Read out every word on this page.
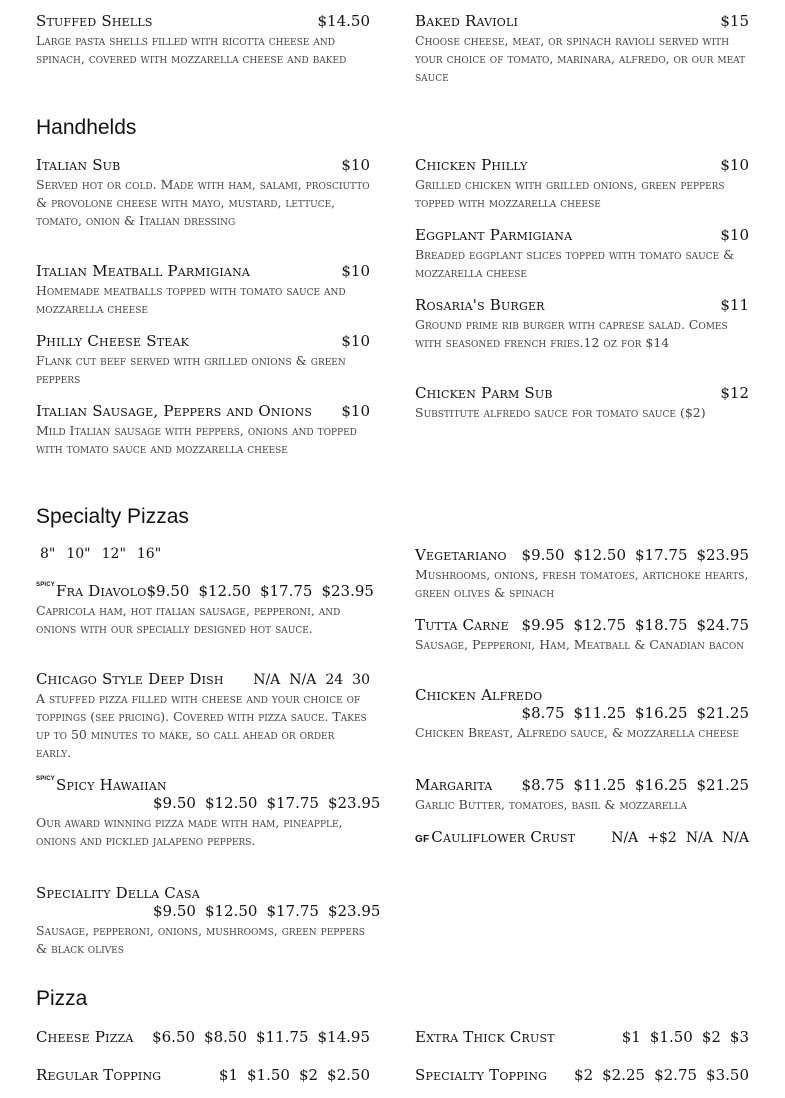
Stuffed Shells	$14.50
Large pasta shells filled with ricotta cheese and spinach, covered with mozzarella cheese and baked
Baked Ravioli	$15
Choose cheese, meat, or spinach ravioli served with your choice of tomato, marinara, alfredo, or our meat sauce
Handhelds
Italian Sub	$10
Served hot or cold. Made with ham, salami, prosciutto & provolone cheese with mayo, mustard, lettuce, tomato, onion & Italian dressing
Italian Meatball Parmigiana	$10
Homemade meatballs topped with tomato sauce and mozzarella cheese
Philly Cheese Steak	$10
Flank cut beef served with grilled onions & green peppers
Italian Sausage, Peppers and Onions $10
Mild Italian sausage with peppers, onions and topped with tomato sauce and mozzarella cheese
Chicken Philly	$10
Grilled chicken with grilled onions, green peppers topped with mozzarella cheese
Eggplant Parmigiana	$10
Breaded eggplant slices topped with tomato sauce & mozzarella cheese
Rosaria's Burger	$11
Ground prime rib burger with caprese salad. Comes with seasoned french fries.12 oz for $14
Chicken Parm Sub	$12
Substitute alfredo sauce for tomato sauce ($2)
Specialty Pizzas
8" 10" 12" 16"
$^{SPICY}$Fra Diavolo $9.50 $12.50 $17.75 $23.95
Capricola ham, hot italian sausage, pepperoni, and onions with our specially designed hot sauce.
Chicago Style Deep Dish N/A N/A 24 30
A stuffed pizza filled with cheese and your choice of toppings (see pricing). Covered with pizza sauce. Takes up to 50 minutes to make, so call ahead or order early.
$^{SPICY}$Spicy Hawaiian
$9.50 $12.50 $17.75 $23.95
Our award winning pizza made with ham, pineapple, onions and pickled jalapeno peppers.
Speciality Della Casa
$9.50 $12.50 $17.75 $23.95
Sausage, pepperoni, onions, mushrooms, green peppers & black olives
Vegetariano $9.50 $12.50 $17.75 $23.95
Mushrooms, onions, fresh tomatoes, artichoke hearts, green olives & spinach
Tutta Carne $9.95 $12.75 $18.75 $24.75
Sausage, Pepperoni, Ham, Meatball & Canadian bacon
Chicken Alfredo
$8.75 $11.25 $16.25 $21.25
Chicken Breast, Alfredo sauce, & mozzarella cheese
Margarita $8.75 $11.25 $16.25 $21.25
Garlic Butter, tomatoes, basil & mozzarella
GF Cauliflower Crust	N/A +$2 N/A N/A
Pizza
Cheese Pizza $6.50 $8.50 $11.75 $14.95
Regular Topping	$1 $1.50 $2 $2.50
Extra Thick Crust	$1 $1.50 $2 $3
Specialty Topping $2 $2.25 $2.75 $3.50
